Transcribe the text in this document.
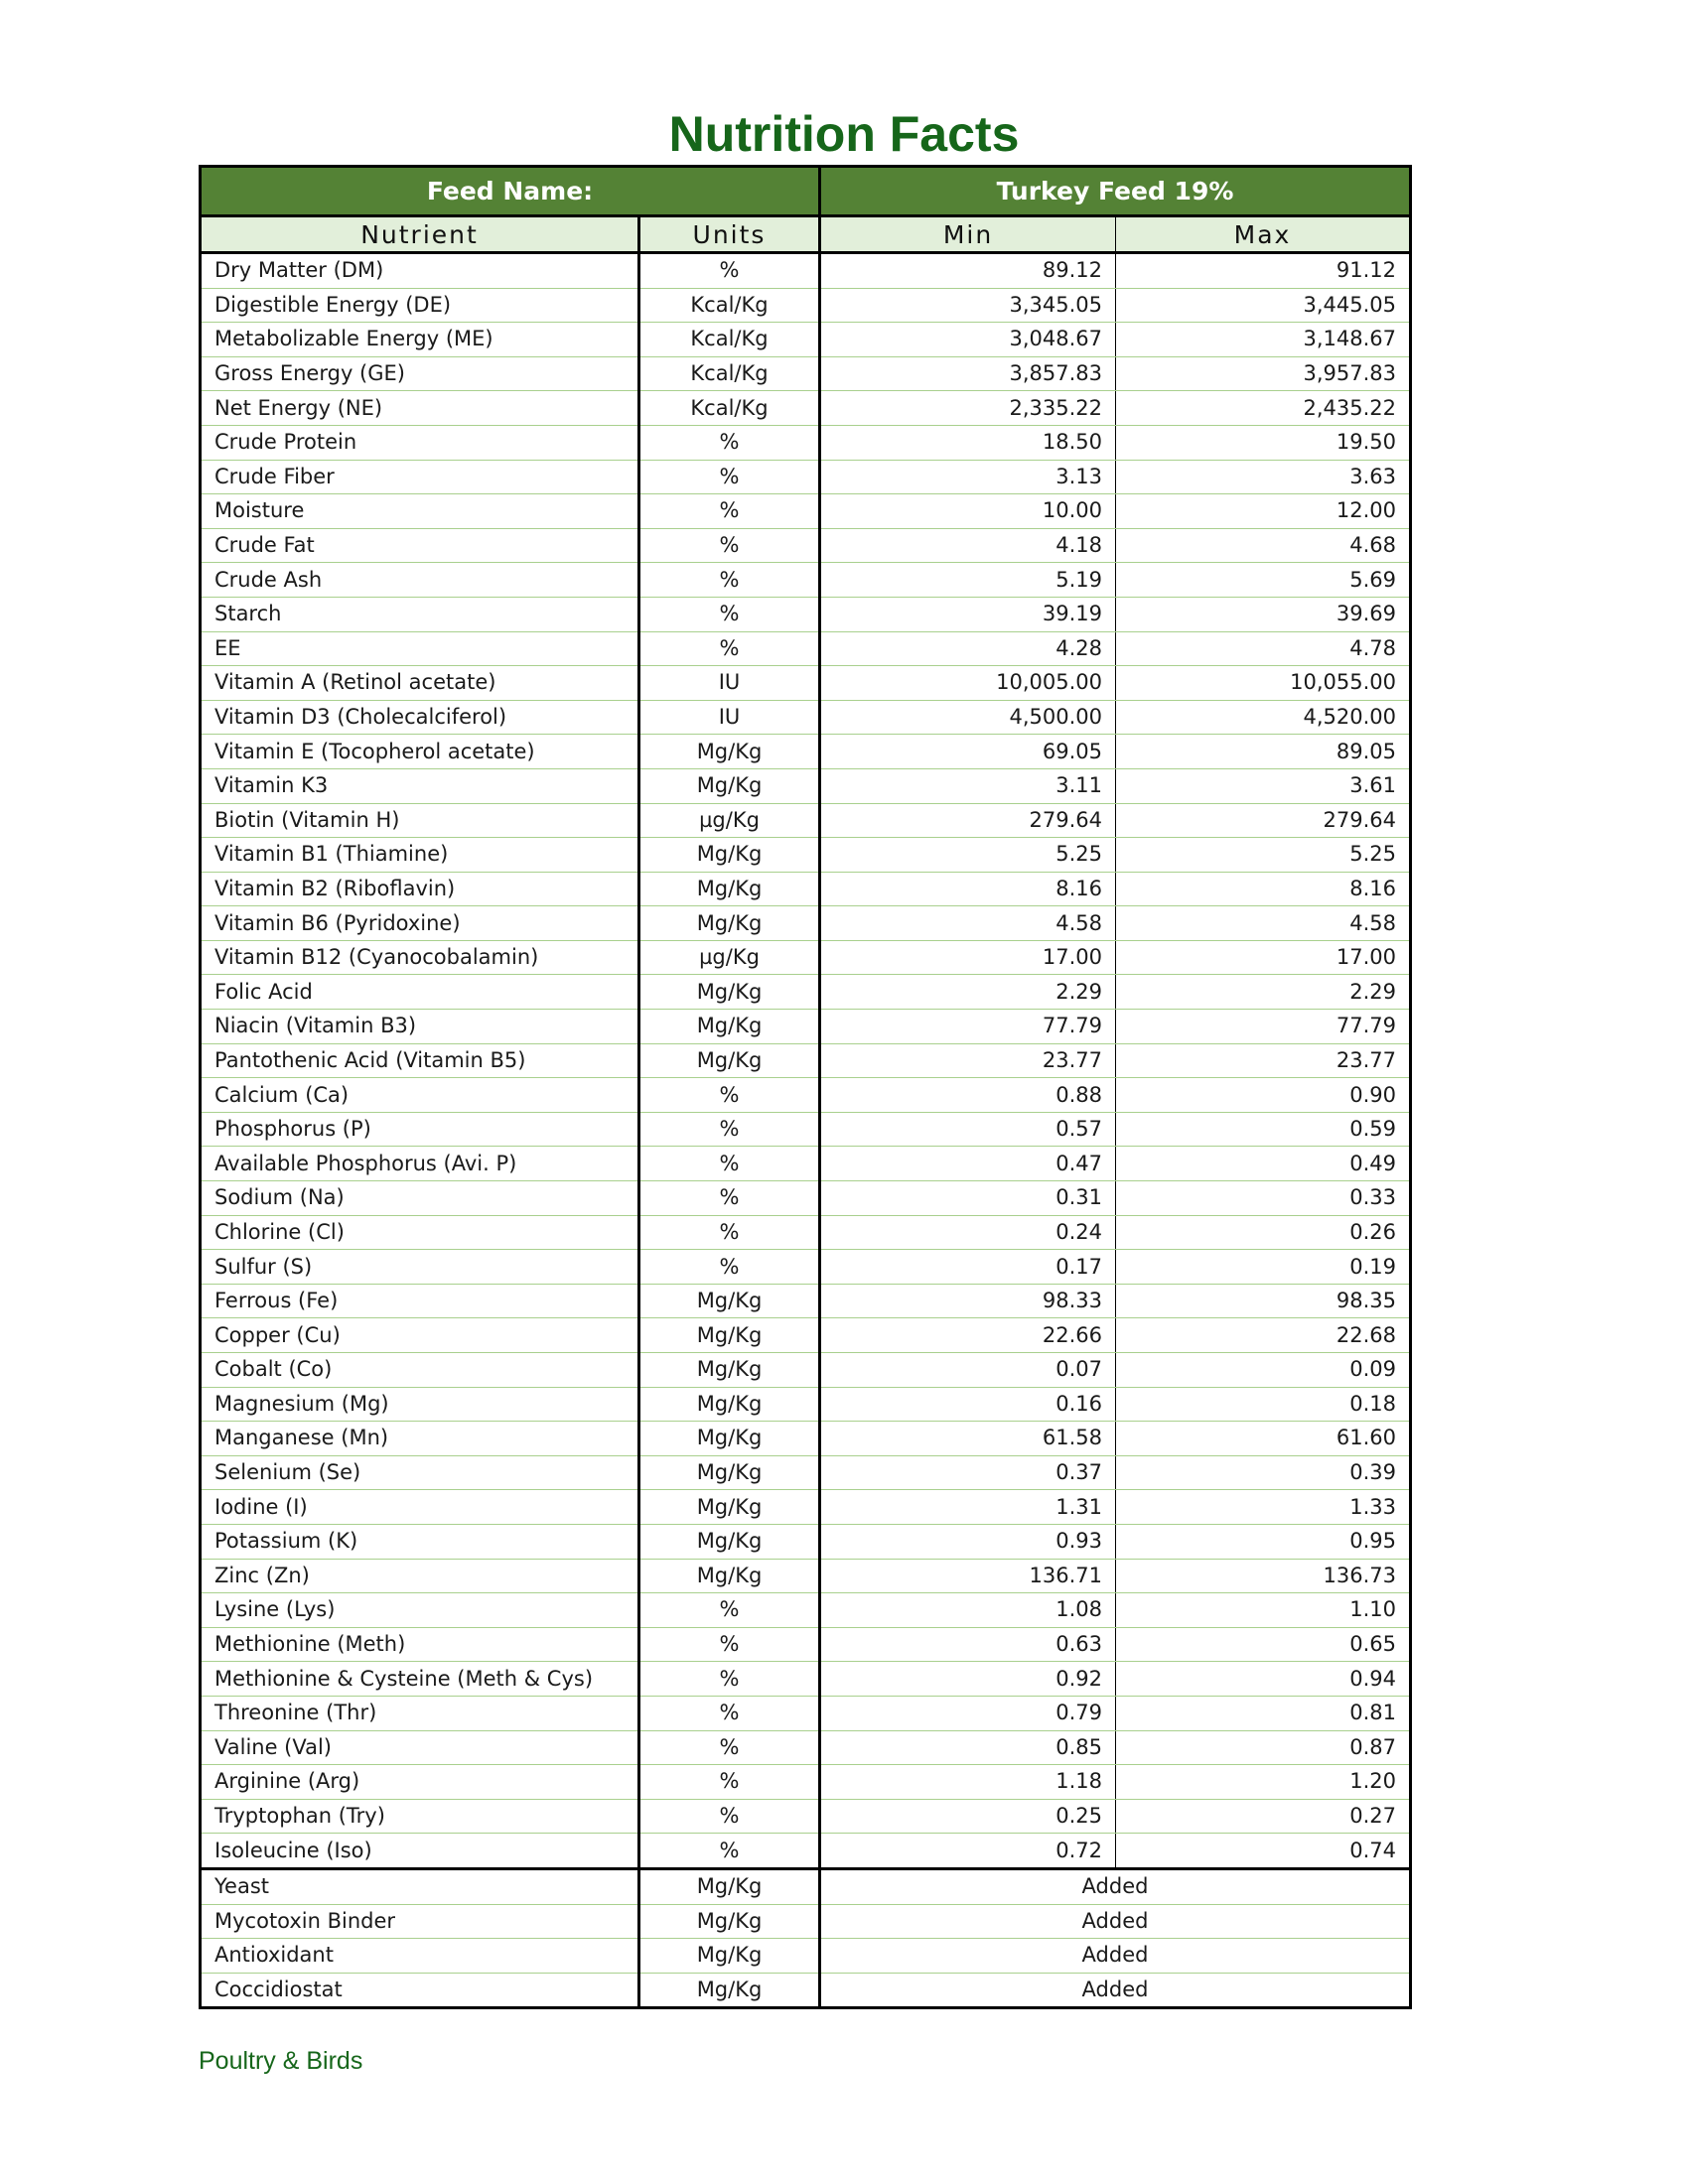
Nutrition Facts
Feed Name:		Turkey Feed 19%	
Nutrient	Units	Min	Max
Dry Matter (DM)	%	89.12	91.12
Digestible Energy (DE)	Kcal/Kg	3,345.05	3,445.05
Metabolizable Energy (ME)	Kcal/Kg	3,048.67	3,148.67
Gross Energy (GE)	Kcal/Kg	3,857.83	3,957.83
Net Energy (NE)	Kcal/Kg	2,335.22	2,435.22
Crude Protein	%	18.50	19.50
Crude Fiber	%	3.13	3.63
Moisture	%	10.00	12.00
Crude Fat	%	4.18	4.68
Crude Ash	%	5.19	5.69
Starch	%	39.19	39.69
EE	%	4.28	4.78
Vitamin A (Retinol acetate)	IU	10,005.00	10,055.00
Vitamin D3 (Cholecalciferol)	IU	4,500.00	4,520.00
Vitamin E (Tocopherol acetate)	Mg/Kg	69.05	89.05
Vitamin K3	Mg/Kg	3.11	3.61
Biotin (Vitamin H)	µg/Kg	279.64	279.64
Vitamin B1 (Thiamine)	Mg/Kg	5.25	5.25
Vitamin B2 (Riboflavin)	Mg/Kg	8.16	8.16
Vitamin B6 (Pyridoxine)	Mg/Kg	4.58	4.58
Vitamin B12 (Cyanocobalamin)	µg/Kg	17.00	17.00
Folic Acid	Mg/Kg	2.29	2.29
Niacin (Vitamin B3)	Mg/Kg	77.79	77.79
Pantothenic Acid (Vitamin B5)	Mg/Kg	23.77	23.77
Calcium (Ca)	%	0.88	0.90
Phosphorus (P)	%	0.57	0.59
Available Phosphorus (Avi. P)	%	0.47	0.49
Sodium (Na)	%	0.31	0.33
Chlorine (Cl)	%	0.24	0.26
Sulfur (S)	%	0.17	0.19
Ferrous (Fe)	Mg/Kg	98.33	98.35
Copper (Cu)	Mg/Kg	22.66	22.68
Cobalt (Co)	Mg/Kg	0.07	0.09
Magnesium (Mg)	Mg/Kg	0.16	0.18
Manganese (Mn)	Mg/Kg	61.58	61.60
Selenium (Se)	Mg/Kg	0.37	0.39
Iodine (I)	Mg/Kg	1.31	1.33
Potassium (K)	Mg/Kg	0.93	0.95
Zinc (Zn)	Mg/Kg	136.71	136.73
Lysine (Lys)	%	1.08	1.10
Methionine (Meth)	%	0.63	0.65
Methionine & Cysteine (Meth & Cys)	%	0.92	0.94
Threonine (Thr)	%	0.79	0.81
Valine (Val)	%	0.85	0.87
Arginine (Arg)	%	1.18	1.20
Tryptophan (Try)	%	0.25	0.27
Isoleucine (Iso)	%	0.72	0.74
Yeast	Mg/Kg	Added	
Mycotoxin Binder	Mg/Kg	Added	
Antioxidant	Mg/Kg	Added	
Coccidiostat	Mg/Kg	Added	
Poultry & Birds
